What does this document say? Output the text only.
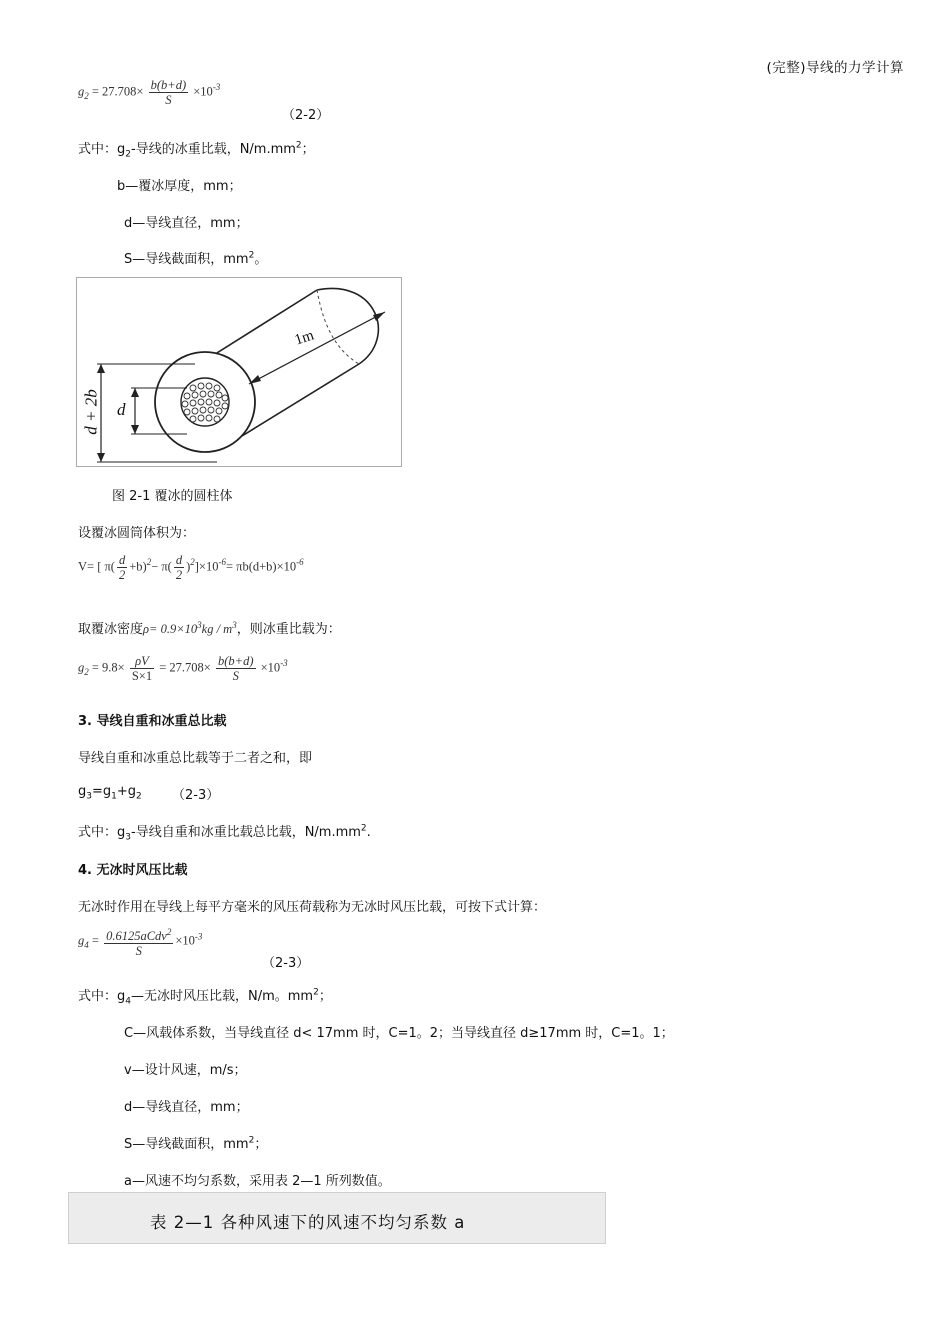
(完整)导线的力学计算
$g_2 = 27.708\times \frac{b(b+d)}{S} \times 10^{-3}$
（2-2）
式中：$g_2-$导线的冰重比载，$N/m.mm^2$；
b—覆冰厚度，mm；
d—导线直径，mm；
S—导线截面积，$mm^2$。
1m
d + 2b d
图 2-1 覆冰的圆柱体
设覆冰圆筒体积为：
V= [ $\pi( \frac{d}{2} +b)^2- \pi( \frac{d}{2} )^2]\times 10^{-6}= \pi b(d+b)\times 10^{-6}$
取覆冰密度$\rho= 0.9\times 10^3kg / m^3$，则冰重比载为：
$g_2 = 9.8\times \frac{\rho V}{S\times 1} = 27.708\times \frac{b(b+d)}{S} \times 10^{-3}$
3. 导线自重和冰重总比载
导线自重和冰重总比载等于二者之和，即
$g_3=g_1+g_2$ （2-3）
式中：$g_3-$导线自重和冰重比载总比载，$N/m.mm^2$.
4. 无冰时风压比载
无冰时作用在导线上每平方毫米的风压荷载称为无冰时风压比载，可按下式计算：
$g_4 = \frac{0.6125aCdv^2}{S} \times 10^{-3}$
（2-3）
式中：$g_4—$无冰时风压比载，N/m。$mm^2$；
C—风载体系数，当导线直径 d< 17mm 时，C=1。2；当导线直径 d≥17mm 时，C=1。1；
v—设计风速，m/s；
d—导线直径，mm；
S—导线截面积，$mm^2$；
a—风速不均匀系数，采用表 2—1 所列数值。
表 2—1 各种风速下的风速不均匀系数 a
